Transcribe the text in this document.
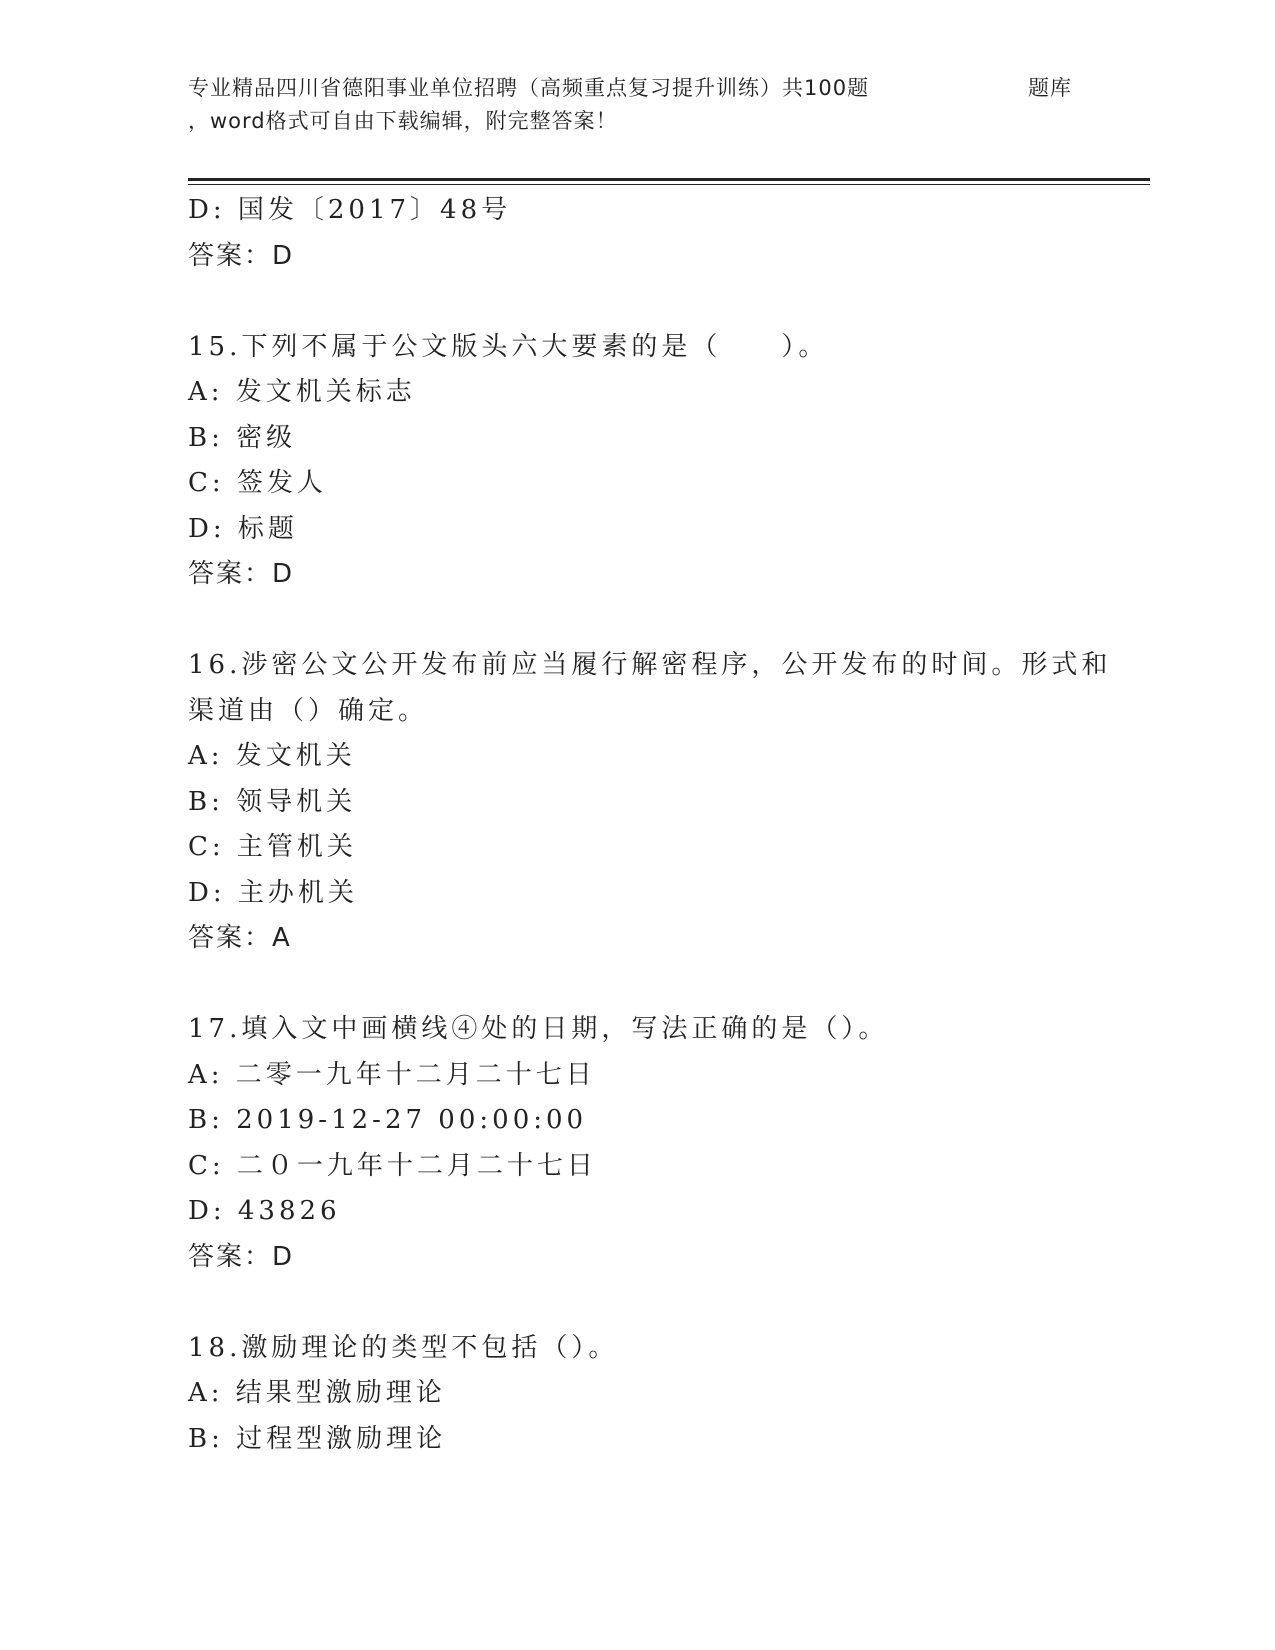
专业精品四川省德阳事业单位招聘（高频重点复习提升训练）共100题	题库
，word格式可自由下载编辑，附完整答案！
D: 国发〔2017〕48号
答案：D
15.下列不属于公文版头六大要素的是（　　）。
A: 发文机关标志
B: 密级
C: 签发人
D: 标题
答案：D
16.涉密公文公开发布前应当履行解密程序，公开发布的时间。形式和
渠道由（）确定。
A: 发文机关
B: 领导机关
C: 主管机关
D: 主办机关
答案：A
17.填入文中画横线④处的日期，写法正确的是（）。
A: 二零一九年十二月二十七日
B: 2019-12-27 00:00:00
C: 二０一九年十二月二十七日
D: 43826
答案：D
18.激励理论的类型不包括（）。
A: 结果型激励理论
B: 过程型激励理论
